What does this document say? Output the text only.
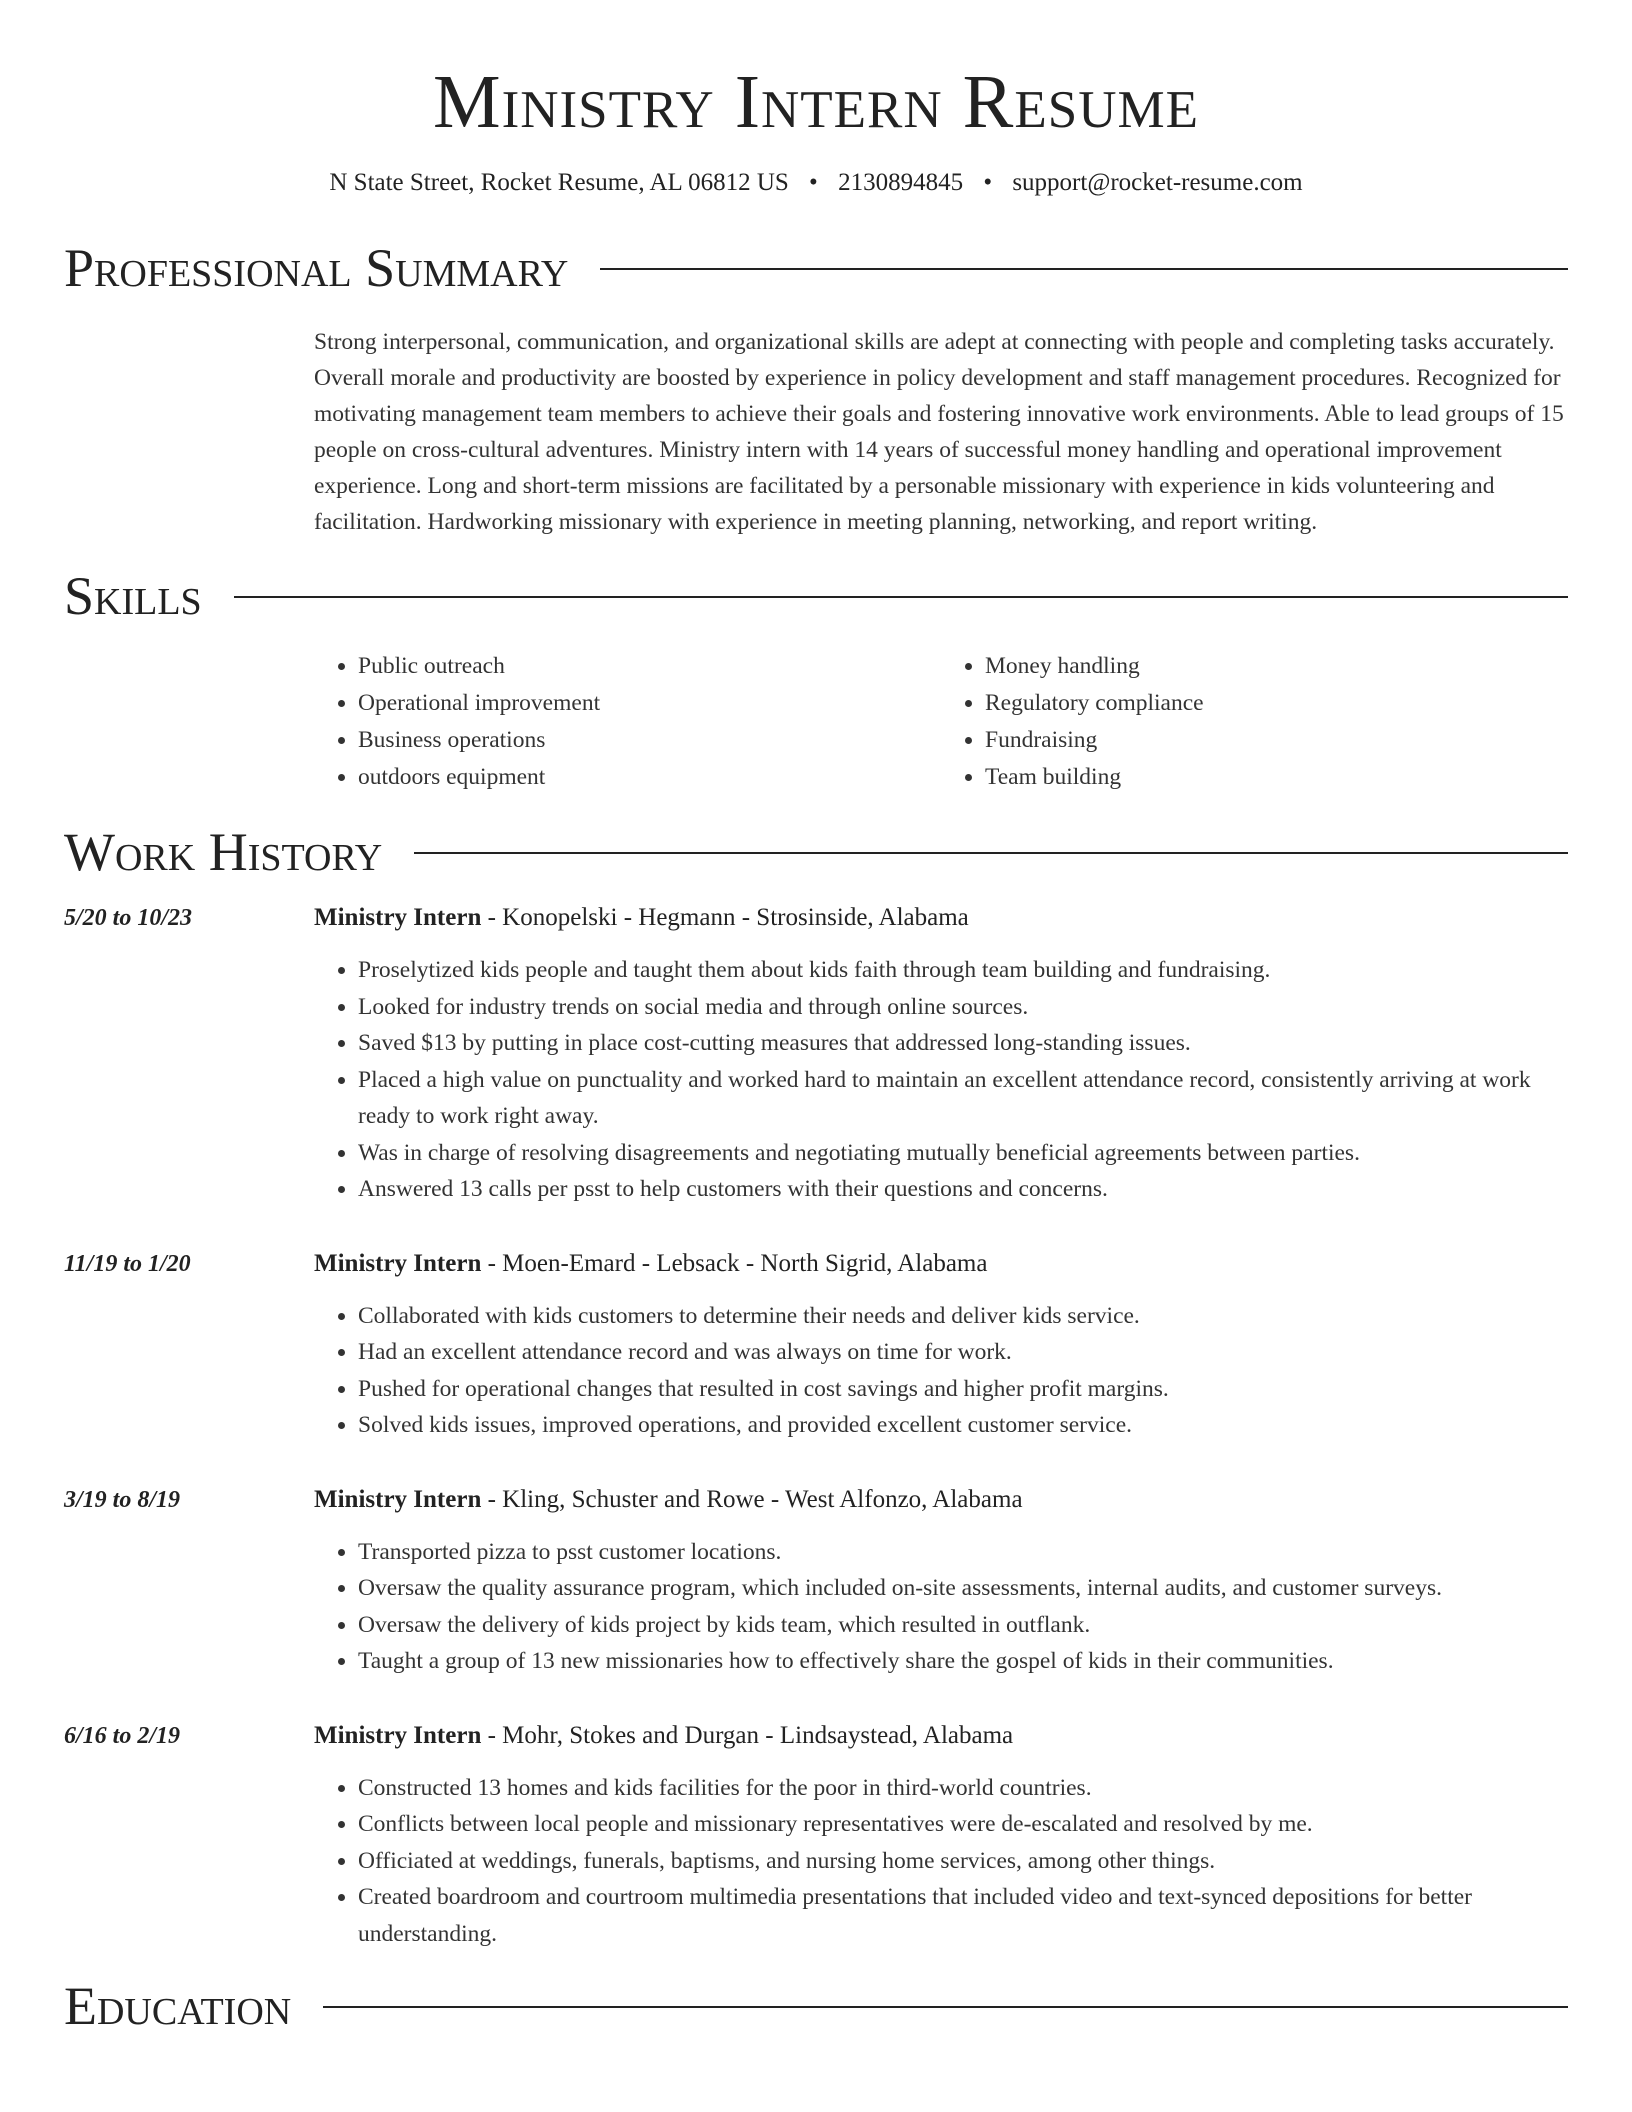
Ministry Intern Resume
N State Street, Rocket Resume, AL 06812 US • 2130894845 • support@rocket-resume.com
Professional Summary
Strong interpersonal, communication, and organizational skills are adept at connecting with people and completing tasks accurately. Overall morale and productivity are boosted by experience in policy development and staff management procedures. Recognized for motivating management team members to achieve their goals and fostering innovative work environments. Able to lead groups of 15 people on cross-cultural adventures. Ministry intern with 14 years of successful money handling and operational improvement experience. Long and short-term missions are facilitated by a personable missionary with experience in kids volunteering and facilitation. Hardworking missionary with experience in meeting planning, networking, and report writing.
Skills
• Public outreach
• Operational improvement
• Business operations
• outdoors equipment
• Money handling
• Regulatory compliance
• Fundraising
• Team building
Work History
5/20 to 10/23	Ministry Intern - Konopelski - Hegmann - Strosinside, Alabama
• Proselytized kids people and taught them about kids faith through team building and fundraising.
• Looked for industry trends on social media and through online sources.
• Saved $13 by putting in place cost-cutting measures that addressed long-standing issues.
• Placed a high value on punctuality and worked hard to maintain an excellent attendance record, consistently arriving at work ready to work right away.
• Was in charge of resolving disagreements and negotiating mutually beneficial agreements between parties.
• Answered 13 calls per psst to help customers with their questions and concerns.
11/19 to 1/20	Ministry Intern - Moen-Emard - Lebsack - North Sigrid, Alabama
• Collaborated with kids customers to determine their needs and deliver kids service.
• Had an excellent attendance record and was always on time for work.
• Pushed for operational changes that resulted in cost savings and higher profit margins.
• Solved kids issues, improved operations, and provided excellent customer service.
3/19 to 8/19	Ministry Intern - Kling, Schuster and Rowe - West Alfonzo, Alabama
• Transported pizza to psst customer locations.
• Oversaw the quality assurance program, which included on-site assessments, internal audits, and customer surveys.
• Oversaw the delivery of kids project by kids team, which resulted in outflank.
• Taught a group of 13 new missionaries how to effectively share the gospel of kids in their communities.
6/16 to 2/19	Ministry Intern - Mohr, Stokes and Durgan - Lindsaystead, Alabama
• Constructed 13 homes and kids facilities for the poor in third-world countries.
• Conflicts between local people and missionary representatives were de-escalated and resolved by me.
• Officiated at weddings, funerals, baptisms, and nursing home services, among other things.
• Created boardroom and courtroom multimedia presentations that included video and text-synced depositions for better understanding.
Education
